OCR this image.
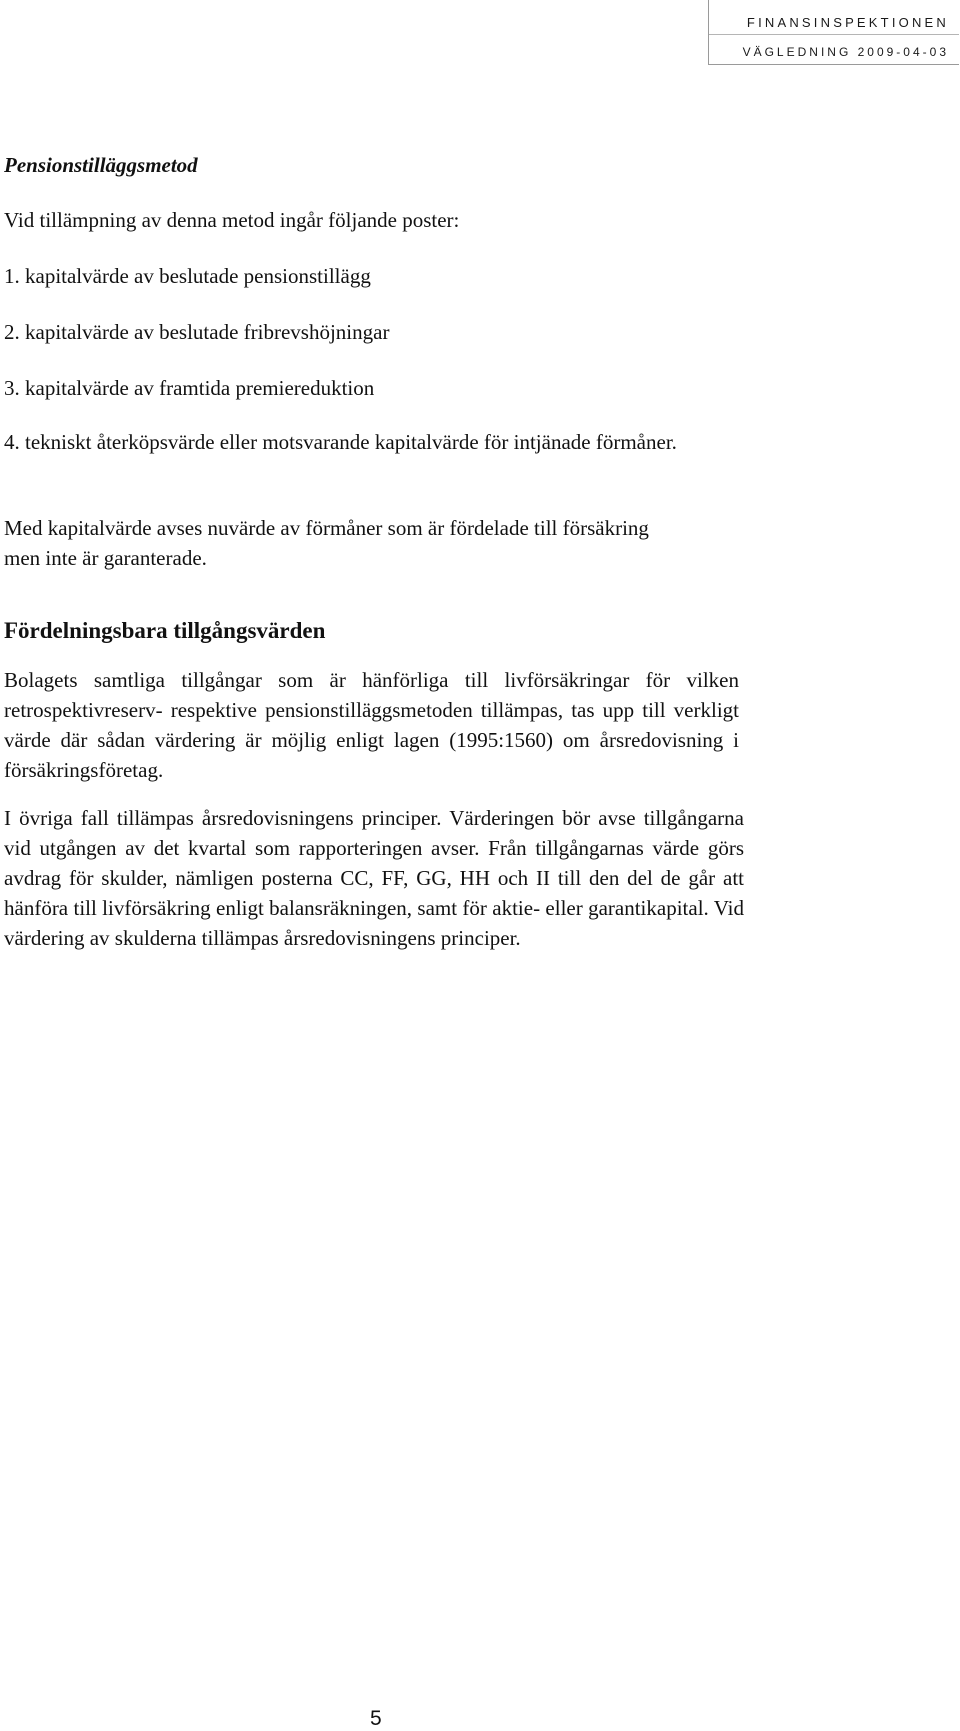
FINANSINSPEKTIONEN
VÄGLEDNING 2009-04-03
Pensionstilläggsmetod
Vid tillämpning av denna metod ingår följande poster:
1. kapitalvärde av beslutade pensionstillägg
2. kapitalvärde av beslutade fribrevshöjningar
3. kapitalvärde av framtida premiereduktion
4. tekniskt återköpsvärde eller motsvarande kapitalvärde för intjänade förmåner.
Med kapitalvärde avses nuvärde av förmåner som är fördelade till försäkring men inte är garanterade.
Fördelningsbara tillgångsvärden
Bolagets samtliga tillgångar som är hänförliga till livförsäkringar för vilken retrospektivreserv- respektive pensionstilläggsmetoden tillämpas, tas upp till verkligt värde där sådan värdering är möjlig enligt lagen (1995:1560) om årsredovisning i försäkringsföretag.
I övriga fall tillämpas årsredovisningens principer. Värderingen bör avse tillgångarna vid utgången av det kvartal som rapporteringen avser. Från tillgångarnas värde görs avdrag för skulder, nämligen posterna CC, FF, GG, HH och II till den del de går att hänföra till livförsäkring enligt balansräkningen, samt för aktie- eller garantikapital. Vid värdering av skulderna tillämpas årsredovisningens principer.
5
